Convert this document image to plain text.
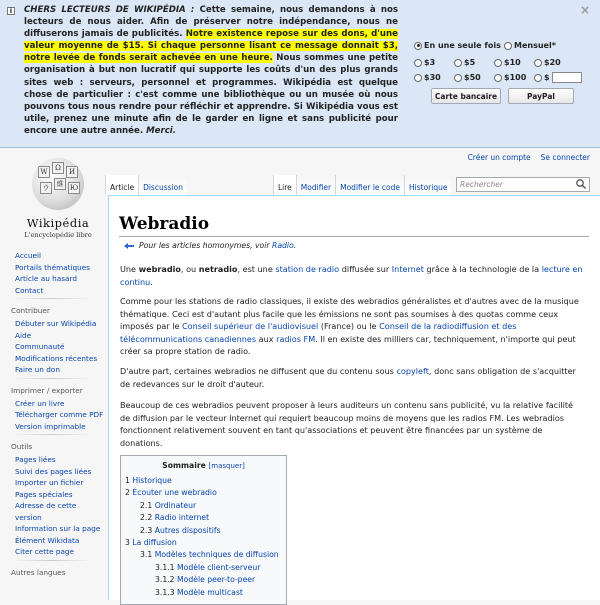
i	CHERS LECTEURS DE WIKIPÉDIA : Cette semaine, nous demandons à nos lecteurs de nous aider. Afin de préserver notre indépendance, nous ne diffuserons jamais de publicités. Notre existence repose sur des dons, d'une valeur moyenne de $15. Si chaque personne lisant ce message donnait $3, notre levée de fonds serait achevée en une heure. Nous sommes une petite organisation à but non lucratif qui supporte les coûts d'un des plus grands sites web : serveurs, personnel et programmes. Wikipédia est quelque chose de particulier : c'est comme une bibliothèque ou un musée où nous pouvons tous nous rendre pour réfléchir et apprendre. Si Wikipédia vous est utile, prenez une minute afin de le garder en ligne et sans publicité pour encore une autre année. Merci.
×
En une seule fois Mensuel*
$3	$5	$10	$20
$30	$50	$100 $
Carte bancaire	PayPal
Créer un compte Se connecter
W	Ω	И
ウ	維 Ю
Wikipédia
L'encyclopédie libre
Article	Discussion	Lire	Modifier	Modifier le code	Historique	Rechercher
Accueil
Portails thématiques
Article au hasard
Contact
Contribuer
Débuter sur Wikipédia
Aide
Communauté
Modifications récentes
Faire un don
Imprimer / exporter
Créer un livre
Télécharger comme PDF
Version imprimable
Outils
Pages liées
Suivi des pages liées
Importer un fichier
Pages spéciales
Adresse de cette version
Information sur la page
Élément Wikidata
Citer cette page
Autres langues
Webradio
Pour les articles homonymes, voir Radio.

Une webradio, ou netradio, est une station de radio diffusée sur Internet grâce à la technologie de la lecture en continu.

Comme pour les stations de radio classiques, il existe des webradios généralistes et d'autres avec de la musique thématique. Ceci est d'autant plus facile que les émissions ne sont pas soumises à des quotas comme ceux imposés par le Conseil supérieur de l'audiovisuel (France) ou le Conseil de la radiodiffusion et des télécommunications canadiennes aux radios FM. Il en existe des milliers car, techniquement, n'importe qui peut créer sa propre station de radio.

D'autre part, certaines webradios ne diffusent que du contenu sous copyleft, donc sans obligation de s'acquitter de redevances sur le droit d'auteur.

Beaucoup de ces webradios peuvent proposer à leurs auditeurs un contenu sans publicité, vu la relative facilité de diffusion par le vecteur Internet qui requiert beaucoup moins de moyens que les radios FM. Les webradios fonctionnent relativement souvent en tant qu'associations et peuvent être financées par un système de donations.

Sommaire [masquer]
1 Historique
2 Écouter une webradio
2.1 Ordinateur
2.2 Radio internet
2.3 Autres dispositifs
3 La diffusion
3.1 Modèles techniques de diffusion
3.1.1 Modèle client-serveur
3.1.2 Modèle peer-to-peer
3.1.3 Modèle multicast
